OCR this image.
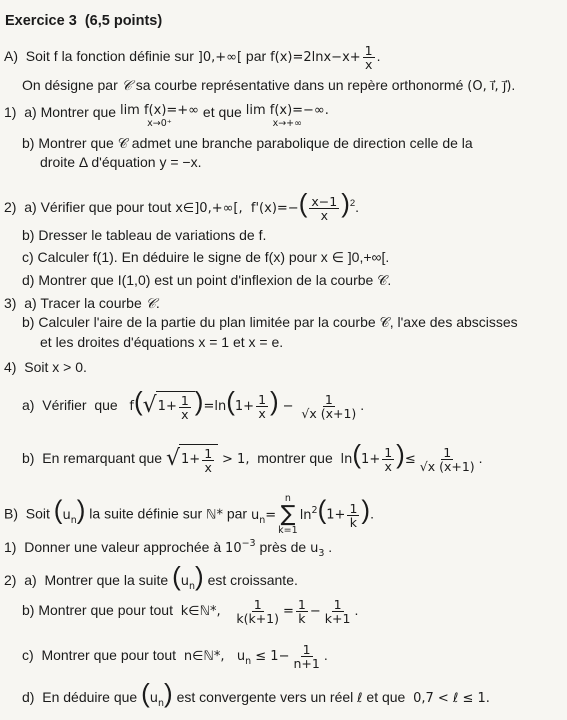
Exercice 3 (6,5 points)
A)  Soit f la fonction définie sur ]0,+∞[ par $f(x)=2\ln x-x+ \frac{1}{x}$ .
On désigne par 𝒞 sa courbe représentative dans un repère orthonormé (O, i⃗, j⃗).
1)  a) Montrer que lim f(x)=+∞
x→0⁺
et que lim f(x)=−∞.
x→+∞
b) Montrer que 𝒞 admet une branche parabolique de direction celle de la
droite Δ d'équation y = −x.
2)  a) Vérifier que pour tout x∈]0,+∞[,  $f'(x)=-( \frac{x-1}{x} )^2$.
b) Dresser le tableau de variations de f.
c) Calculer f(1). En déduire le signe de f(x) pour x ∈ ]0,+∞[.
d) Montrer que I(1,0) est un point d'inflexion de la courbe 𝒞.
3)  a) Tracer la courbe 𝒞.
b) Calculer l'aire de la partie du plan limitée par la courbe 𝒞, l'axe des abscisses
et les droites d'équations x = 1 et x = e.
4) Soit x > 0.
a)  Vérifier  que   f( √ $1+ \frac{1}{x} )=\ln(1+ \frac{1}{x}$ ) − $\frac{1}{√x (x+1)}$ .
b)  En remarquant que √ $1+ \frac{1}{x} > 1$,  montrer que  $\ln(1+ \frac{1}{x}$ )≤ $\frac{1}{√x (x+1)}$ .
B)  Soit $(u_n)$ la suite définie sur ℕ* par $u_n=$
n
∑
k=1
$\ln^2(1+ \frac{1}{k}$ ).
1)  Donner une valeur approchée à $10^{-3}$ près de $u_3$ .
2)  a)  Montrer que la suite $(u_n)$ est croissante.
b) Montrer que pour tout  k∈ℕ*, $\frac{1}{k(k+1)} = \frac{1}{k} - \frac{1}{k+1}$ .
c)  Montrer que pour tout  n∈ℕ*,   $u_n \le 1- \frac{1}{n+1}$ .
d)  En déduire que $(u_n)$ est convergente vers un réel ℓ et que  0,7 < ℓ ≤ 1.
